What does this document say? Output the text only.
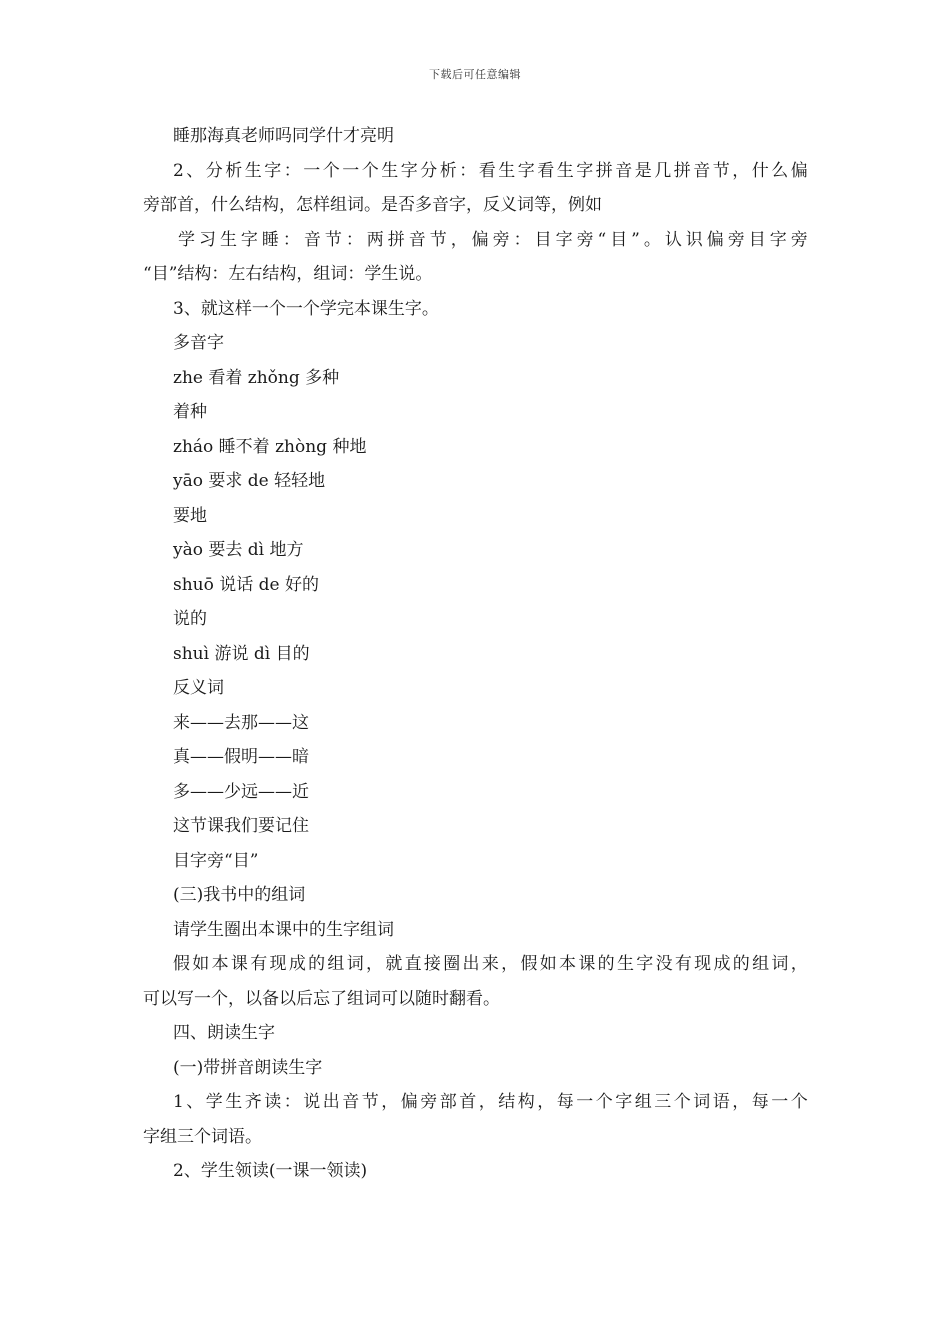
下载后可任意编辑
睡那海真老师吗同学什才亮明
2、分析生字：一个一个生字分析：看生字看生字拼音是几拼音节，什么偏
旁部首，什么结构，怎样组词。是否多音字，反义词等，例如
学习生字睡：音节：两拼音节，偏旁：目字旁“目”。认识偏旁目字旁
“目”结构：左右结构，组词：学生说。
3、就这样一个一个学完本课生字。
多音字
zhe 看着 zhǒng 多种
着种
zháo 睡不着 zhòng 种地
yāo 要求 de 轻轻地
要地
yào 要去 dì 地方
shuō 说话 de 好的
说的
shuì 游说 dì 目的
反义词
来——去那——这
真——假明——暗
多——少远——近
这节课我们要记住
目字旁“目”
(三)我书中的组词
请学生圈出本课中的生字组词
假如本课有现成的组词，就直接圈出来，假如本课的生字没有现成的组词，
可以写一个，以备以后忘了组词可以随时翻看。
四、朗读生字
(一)带拼音朗读生字
1、学生齐读：说出音节，偏旁部首，结构，每一个字组三个词语，每一个
字组三个词语。
2、学生领读(一课一领读)
